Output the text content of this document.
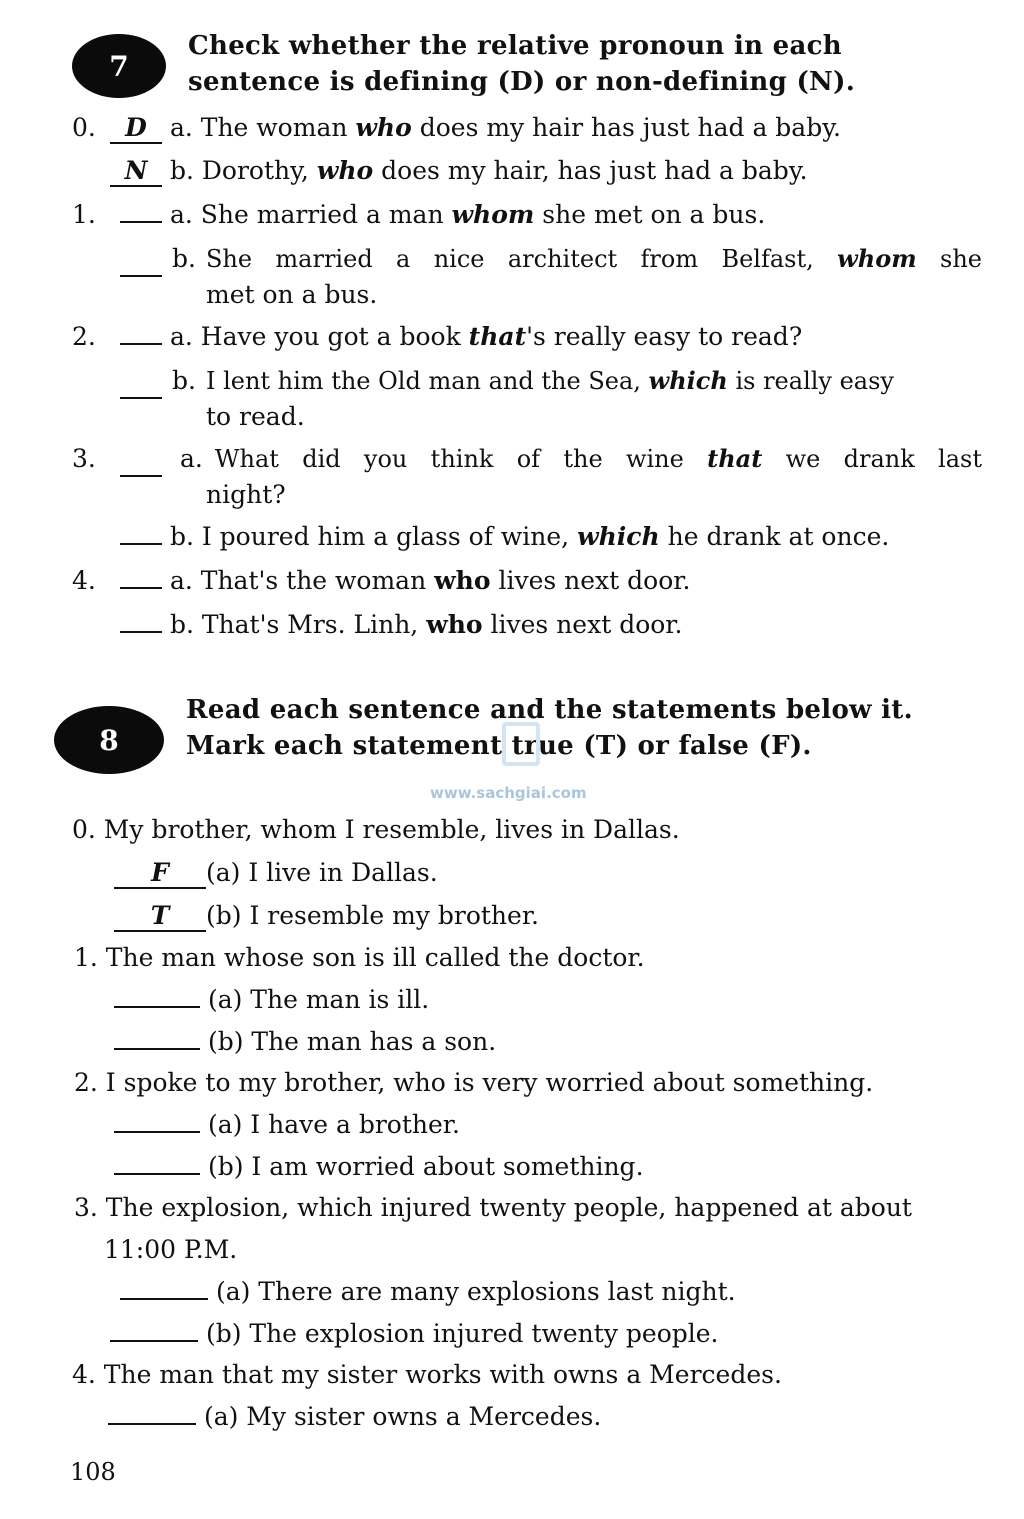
7
Check whether the relative pronoun in each
sentence is defining (D) or non-defining (N).
0. D a. The woman who does my hair has just had a baby.
N b. Dorothy, who does my hair, has just had a baby.
1.	a. She married a man whom she met on a bus.
b. She married a nice architect from Belfast, whom she
met on a bus.
2.	a. Have you got a book that's really easy to read?
b. I lent him the Old man and the Sea, which is really easy
to read.
3.	a. What did you think of the wine that we drank last
night?
b. I poured him a glass of wine, which he drank at once.
4.	a. That's the woman who lives next door.
b. That's Mrs. Linh, who lives next door.
8
Read each sentence and the statements below it.
Mark each statement true (T) or false (F).
www.sachgiai.com
0. My brother, whom I resemble, lives in Dallas.
F (a) I live in Dallas.
T (b) I resemble my brother.
1. The man whose son is ill called the doctor.
(a) The man is ill.
(b) The man has a son.
2. I spoke to my brother, who is very worried about something.
(a) I have a brother.
(b) I am worried about something.
3. The explosion, which injured twenty people, happened at about
11:00 P.M.
(a) There are many explosions last night.
(b) The explosion injured twenty people.
4. The man that my sister works with owns a Mercedes.
(a) My sister owns a Mercedes.
108
